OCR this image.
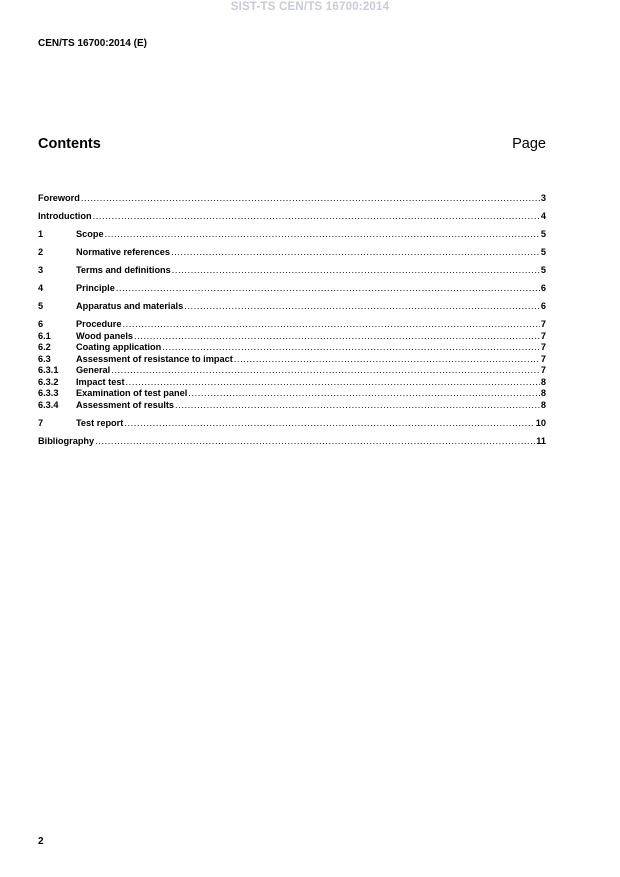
SIST-TS CEN/TS 16700:2014
CEN/TS 16700:2014 (E)
Contents	Page
Foreword .....	3
Introduction .....	4
1	Scope .....	5
2	Normative references .....	5
3	Terms and definitions .....	5
4	Principle .....	6
5	Apparatus and materials .....	6
6	Procedure .....	7
6.1	Wood panels .....	7
6.2	Coating application .....	7
6.3	Assessment of resistance to impact .....	7
6.3.1	General .....	7
6.3.2	Impact test .....	8
6.3.3	Examination of test panel .....	8
6.3.4	Assessment of results .....	8
7	Test report .....	10
Bibliography .....	11
2
